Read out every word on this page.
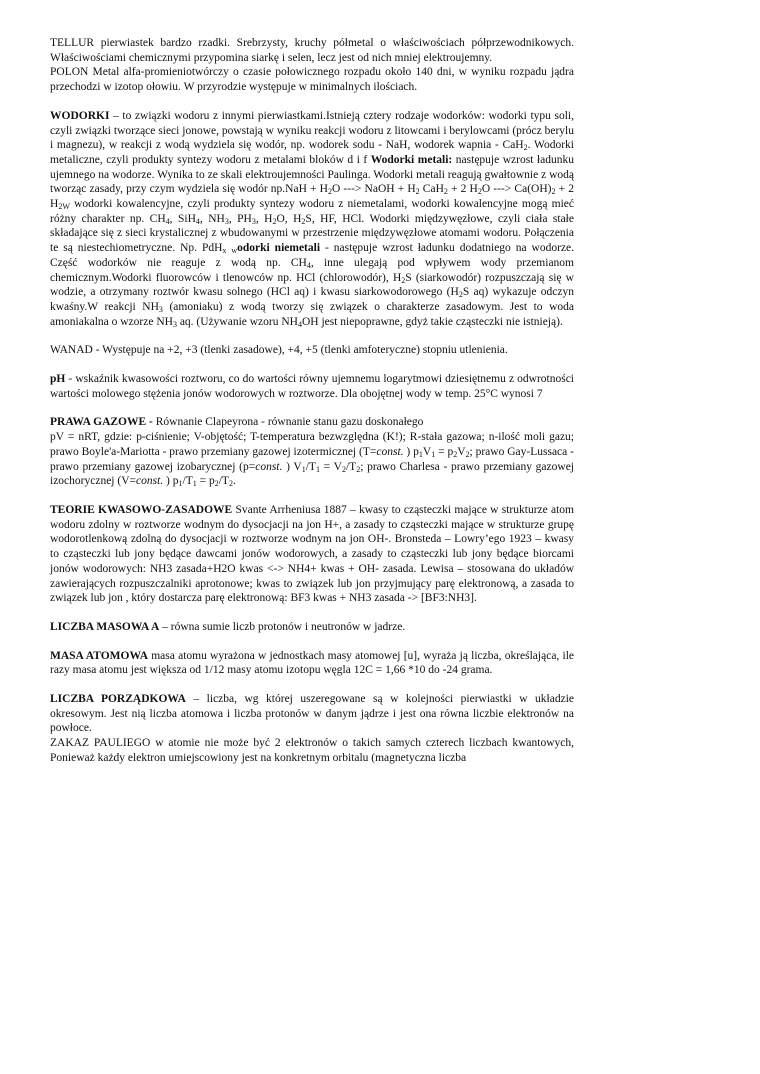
TELLUR pierwiastek bardzo rzadki. Srebrzysty, kruchy półmetal o właściwościach półprzewodnikowych. Właściwościami chemicznymi przypomina siarkę i selen, lecz jest od nich mniej elektroujemny.

POLON Metal alfa-promieniotwórczy o czasie połowicznego rozpadu około 140 dni, w wyniku rozpadu jądra przechodzi w izotop ołowiu. W przyrodzie występuje w minimalnych ilościach.

WODORKI – to związki wodoru z innymi pierwiastkami.Istnieją cztery rodzaje wodorków: wodorki typu soli, czyli związki tworzące sieci jonowe, powstają w wyniku reakcji wodoru z litowcami i berylowcami (prócz berylu i magnezu), w reakcji z wodą wydziela się wodór, np. wodorek sodu - NaH, wodorek wapnia - CaH$_2$. Wodorki metaliczne, czyli produkty syntezy wodoru z metalami bloków d i f Wodorki metali: następuje wzrost ładunku ujemnego na wodorze. Wynika to ze skali elektroujemności Paulinga. Wodorki metali reagują gwałtownie z wodą tworząc zasady, przy czym wydziela się wodór $np.NaH + H_2O$ ---> NaOH + $H_2$ CaH$_2$ + 2 $H_2O$ ---> $Ca(OH)_2 + 2$ $H_{2W}$ wodorki kowalencyjne, czyli produkty syntezy wodoru z niemetalami, wodorki kowalencyjne mogą mieć różny charakter np. $CH_4$, SiH$_4$, $NH_3$, $PH_3$, $H_2O$, $H_2S$, HF, HCl. Wodorki międzywęzłowe, czyli ciała stałe składające się z sieci krystalicznej z wbudowanymi w przestrzenie międzywęzłowe atomami wodoru. Połączenia te są niestechiometryczne. Np. PdH$_x$ $_w$odorki niemetali - następuje wzrost ładunku dodatniego na wodorze. Część wodorków nie reaguje z wodą np. $CH_4$, inne ulegają pod wpływem wody przemianom chemicznym.Wodorki fluorowców i tlenowców np. HCl (chlorowodór), $H_2S$ (siarkowodór) rozpuszczają się w wodzie, a otrzymany roztwór kwasu solnego (HCl aq) i kwasu siarkowodorowego ($H_2S$ aq) wykazuje odczyn kwaśny.W reakcji $NH_3$ (amoniaku) z wodą tworzy się związek o charakterze zasadowym. Jest to woda amoniakalna o wzorze $NH_3$ aq. (Używanie wzoru $NH_4OH$ jest niepoprawne, gdyż takie cząsteczki nie istnieją).

WANAD - Występuje na +2, +3 (tlenki zasadowe), +4, +5 (tlenki amfoteryczne) stopniu utlenienia.

pH - wskaźnik kwasowości roztworu, co do wartości równy ujemnemu logarytmowi dziesiętnemu z odwrotności wartości molowego stężenia jonów wodorowych w roztworze. Dla obojętnej wody w temp. 25°C wynosi 7

PRAWA GAZOWE - Równanie Clapeyrona - równanie stanu gazu doskonałego

pV = nRT, gdzie: p-ciśnienie; V-objętość; T-temperatura bezwzględna (K!); R-stała gazowa; n-ilość moli gazu; prawo Boyle'a-Mariotta - prawo przemiany gazowej izotermicznej (T=const. ) $p_1V_1 = p_2V_2$; prawo Gay-Lussaca - prawo przemiany gazowej izobarycznej (p=const. ) $V_1/T_1 = V_2/T_2$; prawo Charlesa - prawo przemiany gazowej izochorycznej (V=const. ) $p_1/T_1 = p_2/T_2$.

TEORIE KWASOWO-ZASADOWE Svante Arrheniusa 1887 – kwasy to cząsteczki mające w strukturze atom wodoru zdolny w roztworze wodnym do dysocjacji na jon H+, a zasady to cząsteczki mające w strukturze grupę wodorotlenkową zdolną do dysocjacji w roztworze wodnym na jon OH-. Bronsteda – Lowry’ego 1923 – kwasy to cząsteczki lub jony będące dawcami jonów wodorowych, a zasady to cząsteczki lub jony będące biorcami jonów wodorowych: NH3 zasada+H2O kwas <-> NH4+ kwas + OH- zasada. Lewisa – stosowana do układów zawierających rozpuszczalniki aprotonowe; kwas to związek lub jon przyjmujący parę elektronową, a zasada to związek lub jon , który dostarcza parę elektronową: BF3 kwas + NH3 zasada -> [BF3:NH3].

LICZBA MASOWA A – równa sumie liczb protonów i neutronów w jadrze.

MASA ATOMOWA masa atomu wyrażona w jednostkach masy atomowej [u], wyraża ją liczba, określająca, ile razy masa atomu jest większa od 1/12 masy atomu izotopu węgla 12C = 1,66 *10 do -24 grama.

LICZBA PORZĄDKOWA – liczba, wg której uszeregowane są w kolejności pierwiastki w układzie okresowym. Jest nią liczba atomowa i liczba protonów w danym jądrze i jest ona równa liczbie elektronów na powłoce.

ZAKAZ PAULIEGO w atomie nie może być 2 elektronów o takich samych czterech liczbach kwantowych, Ponieważ każdy elektron umiejscowiony jest na konkretnym orbitalu (magnetyczna liczba
